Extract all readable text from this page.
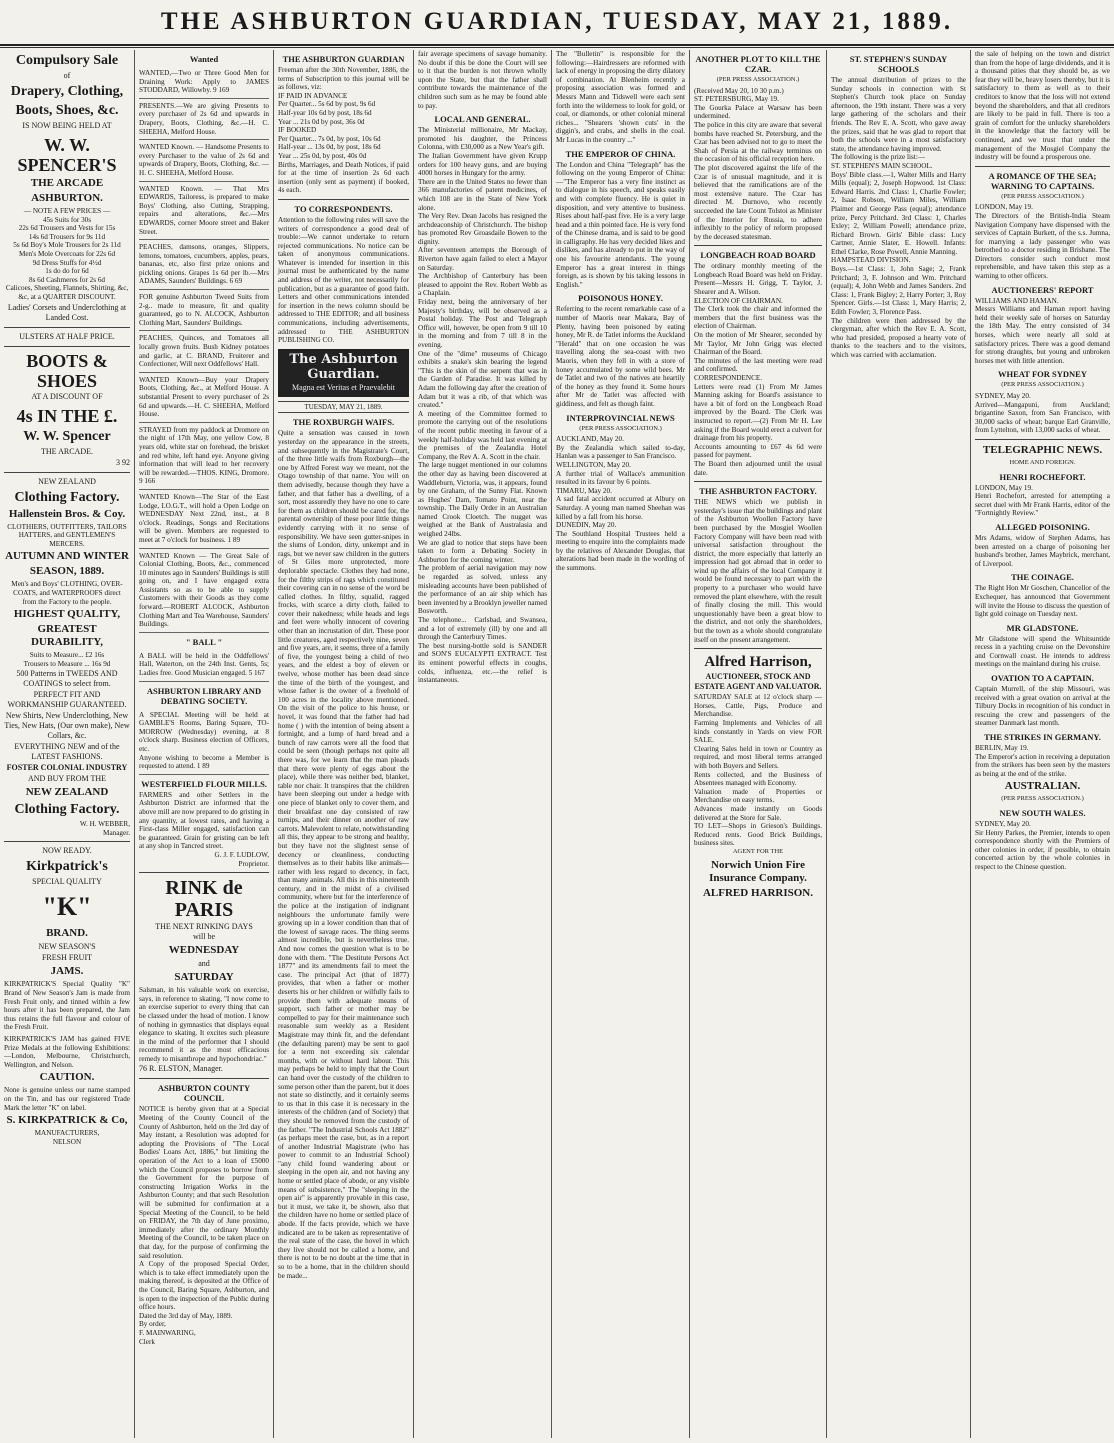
THE ASHBURTON GUARDIAN, TUESDAY, MAY 21, 1889.
Compulsory Sale
of
Drapery, Clothing,
Boots, Shoes, &c.
IS NOW BEING HELD AT
W. W. SPENCER'S
THE ARCADE
ASHBURTON.
— NOTE A FEW PRICES —
45s Suits for 30s
22s 6d Trousers and Vests for 15s
14s 6d Trousers for 9s 11d
5s 6d Boy's Mole Trousers for 2s 11d
Men's Mole Overcoats for 22s 6d
9d Dress Stuffs for 4½d
1s do do for 6d
8s 6d Cashmeres for 2s 6d
Calicoes, Sheeting, Flannels, Shirting, &c, &c, at a QUARTER DISCOUNT.
Ladies' Corsets and Underclothing at Landed Cost.
ULSTERS AT HALF PRICE.
BOOTS & SHOES
AT A DISCOUNT OF
4s IN THE £.
W. W. Spencer
THE ARCADE.
3 92
NEW ZEALAND
Clothing Factory.
Hallenstein Bros. & Coy.
CLOTHIERS, OUTFITTERS, TAILORS
HATTERS, and GENTLEMEN'S
MERCERS.
AUTUMN AND WINTER
SEASON, 1889.
Men's and Boys' CLOTHING, OVER-
COATS, and WATERPROOFS direct
from the Factory to the people.
HIGHEST QUALITY,
GREATEST DURABILITY,
Suits to Measure... £2 16s
Trousers to Measure ... 16s 9d
500 Patterns in TWEEDS AND COATINGS to select from.
PERFECT FIT AND WORKMANSHIP GUARANTEED.
New Shirts, New Underclothing, New Ties, New Hats, (Our own make), New Collars, &c.
EVERYTHING NEW and of the LATEST FASHIONS.
FOSTER COLONIAL INDUSTRY
AND BUY FROM THE
NEW ZEALAND
Clothing Factory.
W. H. WEBBER,
Manager.
NOW READY.
Kirkpatrick's
SPECIAL QUALITY
"K"
BRAND.
NEW SEASON'S
FRESH FRUIT
JAMS.
KIRKPATRICK'S Special Quality "K" Brand of New Season's Jam is made from Fresh Fruit only, and tinned within a few hours after it has been prepared, the Jam thus retains the full flavour and colour of the Fresh Fruit.
KIRKPATRICK'S JAM has gained FIVE Prize Medals at the following Exhibitions:—London, Melbourne, Christchurch, Wellington, and Nelson.
CAUTION.
None is genuine unless our name stamped on the Tin, and has our registered Trade Mark the letter "K" on label.
S. KIRKPATRICK & Co,
MANUFACTURERS,
NELSON
Wanted
WANTED,—Two or Three Good Men for Draining Work: Apply to JAMES STODDARD, Willowby. 9 169
PRESENTS.—We are giving Presents to every purchaser of 2s 6d and upwards in Drapery, Boots, Clothing, &c.—H. C. SHEEHA, Melford House.
WANTED Known. — Handsome Presents to every Purchaser to the value of 2s 6d and upwards of Drapery, Boots, Clothing, &c. — H. C. SHEEHA, Melford House.
WANTED Known. — That Mrs EDWARDS, Tailoress, is prepared to make Boys' Clothing, also Cutting, Strapping, repairs and alterations, &c.—Mrs EDWARDS, corner Moore street and Baker Street.
PEACHES, damsons, oranges, Slippers, lemons, tomatoes, cucumbers, apples, pears, bananas, etc, also first prize onions and pickling onions. Grapes 1s 6d per lb.—Mrs ADAMS, Saunders' Buildings. 6 69
FOR genuine Ashburton Tweed Suits from 2-g.. made to measure, fit and quality guaranteed, go to N. ALCOCK, Ashburton Clothing Mart, Saunders' Buildings.
PEACHES, Quinces, and Tomatoes all locally grown fruits. Bush Kidney potatoes and garlic, at C. BRAND, Fruiterer and Confectioner, Will next Oddfellows' Hall.
WANTED Known—Buy your Drapery Boots, Clothing, &c., at Melford House. A substantial Present to every purchaser of 2s 6d and upwards.—H. C. SHEEHA, Melford House.
STRAYED from my paddock at Dromore on the night of 17th May, one yellow Cow, 8 years old, white star on forehead, the brisket and red white, left hand eye. Anyone giving information that will lead to her recovery will be rewarded.—THOS. KING, Dromore. 9 166
WANTED Known—The Star of the East Lodge, I.O.G.T., will hold a Open Lodge on WEDNESDAY Next 22nd, inst., at 8 o'clock. Readings, Songs and Recitations will be given. Members are requested to meet at 7 o'clock for business. 1 89
WANTED Known — The Great Sale of Colonial Clothing, Boots, &c., commenced 10 minutes ago in Saunders' Buildings is still going on, and I have engaged extra Assistants so as to be able to supply Customers with their Goods as they come forward.—ROBERT ALCOCK, Ashburton Clothing Mart and Tea Warehouse, Saunders' Buildings.
" BALL "
A BALL will be held in the Oddfellows' Hall, Waterton, on the 24th Inst. Gents, 5s; Ladies free. Good Musician engaged. 5 167
ASHBURTON LIBRARY AND DEBATING SOCIETY.
A SPECIAL Meeting will be held at GAMBLE'S Rooms, Baring Square, TO-MORROW (Wednesday) evening, at 8 o'clock sharp. Business election of Officers, etc.
Anyone wishing to become a Member is requested to attend. 1 89
WESTERFIELD FLOUR MILLS.
FARMERS and other Settlers in the Ashburton District are informed that the above mill are now prepared to do gristing in any quantity, at lowest rates, and having a First-class Miller engaged, satisfaction can be guaranteed. Grain for gristing can be left at any shop in Tancred street.
G. J. F. LUDLOW,
Proprietor.
RINK de PARIS
THE NEXT RINKING DAYS
will be
WEDNESDAY
and
SATURDAY
Salsman, in his valuable work on exercise, says, in reference to skating, "I now come to an exercise superior to every thing that can be classed under the head of motion. I know of nothing in gymnastics that displays equal elegance to skating. It excites such pleasure in the mind of the performer that I should recommend it as the most efficacious remedy to misanthrope and hypochondriac."
76 R. ELSTON, Manager.
ASHBURTON COUNTY COUNCIL
NOTICE is hereby given that at a Special Meeting of the County Council of the County of Ashburton, held on the 3rd day of May instant, a Resolution was adopted for adopting the Provisions of "The Local Bodies' Loans Act, 1886," but limiting the operation of the Act to a loan of £5000 which the Council proposes to borrow from the Government for the purpose of constructing Irrigation Works in the Ashburton County; and that such Resolution will be submitted for confirmation at a Special Meeting of the Council, to be held on FRIDAY, the 7th day of June proximo, immediately after the ordinary Monthly Meeting of the Council, to be taken place on that day, for the purpose of confirming the said resolution.
A Copy of the proposed Special Order, which is to take effect immediately upon the making thereof, is deposited at the Office of the Council, Baring Square, Ashburton, and is open to the inspection of the Public during office hours.
Dated the 3rd day of May, 1889.
By order,
F. MAINWARING,
Clerk
THE ASHBURTON GUARDIAN
Freeman after the 30th November, 1886, the terms of Subscription to this journal will be as follows, viz:
IF PAID IN ADVANCE
Per Quarter... 5s 6d by post, 9s 6d
Half-year 10s 6d by post, 18s 6d
Year ... 21s 0d by post, 36s 0d
IF BOOKED
Per Quarter... 7s 0d, by post, 10s 6d
Half-year ... 13s 0d, by post, 18s 6d
Year ... 25s 0d, by post, 40s 0d
Births, Marriages, and Death Notices, if paid for at the time of insertion 2s 6d each insertion (only sent as payment) if booked, 4s each.
TO CORRESPONDENTS.
Attention to the following rules will save the writers of correspondence a good deal of trouble:—We cannot undertake to return rejected communications. No notice can be taken of anonymous communications. Whatever is intended for insertion in this journal must be authenticated by the name and address of the writer, not necessarily for publication, but as a guarantee of good faith. Letters and other communications intended for insertion in the news column should be addressed to THE EDITOR; and all business communications, including advertisements, addressed to THE ASHBURTON PUBLISHING CO.
The Ashburton Guardian.
Magna est Veritas et Praevalebit
TUESDAY, MAY 21, 1889.
THE ROXBURGH WAIFS.
Quite a sensation was caused in town yesterday on the appearance in the streets, and subsequently in the Magistrate's Court, of the three little waifs from Roxburgh—the one by Alfred Forest way we meant, not the Otago township of that name. You will on them advisedly, because though they have a father, and that father has a dwelling, of a sort, most assuredly they have no one to care for them as children should be cared for, the parental ownership of these poor little things evidently carrying with it no sense of responsibility. We have seen gutter-snipes in the slums of London, dirty, unkempt and in rags, but we never saw children in the gutters of St Giles more unprotected, more deplorable spectacle. Clothes they had none, for the filthy strips of rags which constituted their covering can in no sense of the word be called clothes. In filthy, squalid, ragged frocks, with scarce a dirty cloth, failed to cover their nakedness; while heads and legs and feet were wholly innocent of covering other than an incrustation of dirt. These poor little creatures, aged respectively nine, seven and five years, are, it seems, three of a family of five, the youngest being a child of two years, and the eldest a boy of eleven or twelve, whose mother has been dead since the time of the birth of the youngest, and whose father is the owner of a freehold of 100 acres in the locality above mentioned. On the visit of the police to his house, or hovel, it was found that the father had had home ( ) with the intention of being absent a fortnight, and a lump of hard bread and a bunch of raw carrots were all the food that could be seen (though perhaps not quite all there was, for we learn that the man pleads that there were plenty of eggs about the place), while there was neither bed, blanket, table nor chair. It transpires that the children have been sleeping out under a hedge with one piece of blanket only to cover them, and their breakfast one day consisted of raw turnips, and their dinner on another of raw carrots. Malevolent to relate, notwithstanding all this, they appear to be strong and healthy, but they have not the slightest sense of decency or cleanliness, conducting themselves as to their habits like animals—rather with less regard to decency, in fact, than many animals. All this in this nineteenth century, and in the midst of a civilised community, where but for the interference of the police at the instigation of indignant neighbours the unfortunate family were growing up in a lower condition than that of the lowest of savage races. The thing seems almost incredible, but is nevertheless true. And now comes the question what is to be done with them. "The Destitute Persons Act 1877" and its amendments fail to meet the case. The principal Act (that of 1877) provides, that when a father or mother deserts his or her children or wilfully fails to provide them with adequate means of support, such father or mother may be compelled to pay for their maintenance such reasonable sum weekly as a Resident Magistrate may think fit, and the defendant (the defaulting parent) may be sent to gaol for a term not exceeding six calendar months, with or without hard labour. This may perhaps be held to imply that the Court can hand over the custody of the children to some person other than the parent, but it does not state so distinctly, and it certainly seems to us that in this case it is necessary in the interests of the children (and of Society) that they should be removed from the custody of the father. "The Industrial Schools Act 1882" (as perhaps meet the case, but, as in a report of another Industrial Magistrate (who has power to commit to an Industrial School) "any child found wandering about or sleeping in the open air, and not having any home or settled place of abode, or any visible means of subsistence," The "sleeping in the open air" is apparently provable in this case, but it must, we take it, be shown, also that the children have no home or settled place of abode. If the facts provide, which we have indicated are to be taken as representative of the real state of the case, the hovel in which they live should not be called a home, and there is not to be no doubt at the time that in so to be a home, that in the children should be made...
fair average specimens of savage humanity. No doubt if this be done the Court will see to it that the burden is not thrown wholly upon the State, but that the father shall contribute towards the maintenance of the children such sum as he may be found able to pay.
LOCAL AND GENERAL.
The Ministerial millionaire, Mr Mackay, promoted his daughter, the Princess Colonna, with £30,000 as a New Year's gift.
The Italian Government have given Krupp orders for 100 heavy guns, and are buying 4000 horses in Hungary for the army.
There are in the United States no fewer than 366 manufactories of patent medicines, of which 108 are in the State of New York alone.
The Very Rev. Dean Jacobs has resigned the archdeaconship of Christchurch. The bishop has promoted Rev Groasdaile Bowen to the dignity.
After seventeen attempts the Borough of Riverton have again failed to elect a Mayor on Saturday.
The Archbishop of Canterbury has been pleased to appoint the Rev. Robert Webb as a Chaplain.
Friday next, being the anniversary of her Majesty's birthday, will be observed as a Postal holiday. The Post and Telegraph Office will, however, be open from 9 till 10 in the morning and from 7 till 8 in the evening.
One of the "dime" museums of Chicago exhibits a snake's skin bearing the legend "This is the skin of the serpent that was in the Garden of Paradise. It was killed by Adam the following day after the creation of Adam but it was a rib, of that which was created."
A meeting of the Committee formed to promote the carrying out of the resolutions of the recent public meeting in favour of a weekly half-holiday was held last evening at the premises of the Zealandia Hotel Company, the Rev A. A. Scott in the chair.
The large nugget mentioned in our columns the other day as having been discovered at Waddleburn, Victoria, was, it appears, found by one Graham, of the Sunny Flat. Known as Hughes' Dam, Tomato Point, near the township. The Daily Order in an Australian named Crook Cloetch. The nugget was weighed at the Bank of Australasia and weighed 24lbs.
We are glad to notice that steps have been taken to form a Debating Society in Ashburton for the coming winter.
The problem of aerial navigation may now be regarded as solved, unless any misleading accounts have been published of the performance of an air ship which has been invented by a Brooklyn jeweller named Bosworth.
The telephone...  Carlsbad, and Swansea, and a lot of extremely (ill) by one and all through the Canterbury Times.
The best nursing-bottle sold is SANDER and SON'S EUCALYPTI EXTRACT. Test its eminent powerful effects in coughs, colds, influenza, etc.—the relief is instantaneous.
The "Bulletin" is responsible for the following:—Hairdressers are reformed with lack of energy in proposing the dirty dilatory of combination. At Blenheim recently a proposing association was formed and Messrs Mann and Tidswell were each sent forth into the wilderness to look for gold, or coal, or diamonds, or other colonial mineral riches... "Shearers 'shown cuts' in the diggin's, and crabs, and shells in the coal. Mr Lucas in the country ..."
THE EMPEROR OF CHINA.
The London and China "Telegraph" has the following on the young Emperor of China:—"The Emperor has a very fine instinct as to dialogue in his speech, and speaks easily and with complete fluency. He is quiet in disposition, and very attentive to business. Rises about half-past five. He is a very large head and a thin pointed face. He is very fond of the Chinese drama, and is said to be good in calligraphy. He has very decided likes and dislikes, and has already to put in the way of one his favourite attendants. The young Emperor has a great interest in things foreign, as is shown by his taking lessons in English."
POISONOUS HONEY.
Referring to the recent remarkable case of a number of Maoris near Makara, Bay of Plenty, having been poisoned by eating honey, Mr R. de Tatlet informs the Auckland "Herald" that on one occasion he was travelling along the sea-coast with two Maoris, when they fell in with a store of honey accumulated by some wild bees. Mr de Tatlet and two of the natives ate heartily of the honey as they found it. Some hours after Mr de Tatlet was affected with giddiness, and felt as though faint.
INTERPROVINCIAL NEWS
(PER PRESS ASSOCIATION.)
AUCKLAND, May 20.
By the Zealandia which sailed to-day, Hanlan was a passenger to San Francisco.
WELLINGTON, May 20.
A further trial of Wallace's ammunition resulted in its favour by 6 points.
TIMARU, May 20.
A sad fatal accident occurred at Albury on Saturday. A young man named Sheehan was killed by a fall from his horse.
DUNEDIN, May 20.
The Southland Hospital Trustees held a meeting to enquire into the complaints made by the relatives of Alexander Douglas, that alterations had been made in the wording of the summons.
ANOTHER PLOT TO KILL THE CZAR.
(PER PRESS ASSOCIATION.)
(Received May 20, 10 30 p.m.)
ST. PETERSBURG, May 19.
The Gourka Palace at Warsaw has been undermined.
The police in this city are aware that several bombs have reached St. Petersburg, and the Czar has been advised not to go to meet the Shah of Persia at the railway terminus on the occasion of his official reception here.
The plot discovered against the life of the Czar is of unusual magnitude, and it is believed that the ramifications are of the most extensive nature. The Czar has directed M. Durnovo, who recently succeeded the late Count Tolstoi as Minister of the Interior for Russia, to adhere inflexibly to the policy of reform proposed by the deceased statesman.
LONGBEACH ROAD BOARD
The ordinary monthly meeting of the Longbeach Road Board was held on Friday. Present—Messrs H. Grigg, T. Taylor, J. Shearer and A. Wilson.
ELECTION OF CHAIRMAN.
The Clerk took the chair and informed the members that the first business was the election of Chairman.
On the motion of Mr Shearer, seconded by Mr Taylor, Mr John Grigg was elected Chairman of the Board.
The minutes of the last meeting were read and confirmed.
CORRESPONDENCE.
Letters were read (1) From Mr James Manning asking for Board's assistance to have a bit of ford on the Longbeach Road improved by the Board. The Clerk was instructed to report.—(2) From Mr H. Lee asking if the Board would erect a culvert for drainage from his property.
Accounts amounting to £67 4s 6d were passed for payment.
The Board then adjourned until the usual date.
THE ASHBURTON FACTORY.
THE NEWS which we publish in yesterday's issue that the buildings and plant of the Ashburton Woollen Factory have been purchased by the Mosgiel Woollen Factory Company will have been read with universal satisfaction throughout the district, the more especially that latterly an impression had got abroad that in order to wind up the affairs of the local Company it would be found necessary to part with the property to a purchaser who would have removed the plant elsewhere, with the result of finally closing the mill. This would unquestionably have been a great blow to the district, and not only the shareholders, but the town as a whole should congratulate itself on the present arrangement.
Alfred Harrison,
AUCTIONEER, STOCK AND ESTATE AGENT AND VALUATOR.
SATURDAY SALE at 12 o'clock sharp —Horses, Cattle, Pigs, Produce and Merchandise.
Farming Implements and Vehicles of all kinds constantly in Yards on view FOR SALE.
Clearing Sales held in town or Country as required, and most liberal terms arranged with both Buyers and Sellers.
Rents collected, and the Business of Absentees managed with Economy.
Valuation made of Properties or Merchandise on easy terms.
Advances made instantly on Goods delivered at the Store for Sale.
TO LET—Shops in Grieson's Buildings. Reduced rents. Good Brick Buildings, business sites.
AGENT FOR THE
Norwich Union Fire Insurance Company.
ALFRED HARRISON.
ST. STEPHEN'S SUNDAY SCHOOLS
The annual distribution of prizes to the Sunday schools in connection with St Stephen's Church took place on Sunday afternoon, the 19th instant. There was a very large gathering of the scholars and their friends. The Rev E. A. Scott, who gave away the prizes, said that he was glad to report that both the schools were in a most satisfactory state, the attendance having improved.
The following is the prize list:—
ST. STEPHEN'S MAIN SCHOOL.
Boys' Bible class.—1, Walter Mills and Harry Mills (equal); 2, Joseph Hopwood. 1st Class: Edward Harris. 2nd Class: 1, Charlie Fowler; 2, Isaac Robson, William Miles, William Plaimer and George Pass (equal); attendance prize, Percy Pritchard. 3rd Class: 1, Charles Exley; 2, William Powell; attendance prize, Richard Brown. Girls' Bible class: Lucy Cartner, Annie Slater, E. Howell. Infants: Ethel Clarke, Rose Powell, Annie Manning.
HAMPSTEAD DIVISION.
Boys.—1st Class: 1, John Sage; 2, Frank Pritchard; 3, F. Johnson and Wm. Pritchard (equal); 4, John Webb and James Sanders. 2nd Class: 1, Frank Bigley; 2, Harry Porter; 3, Roy Spencer. Girls.—1st Class: 1, Mary Harris; 2, Edith Fowler; 3, Florence Pass.
The children were then addressed by the clergyman, after which the Rev E. A. Scott, who had presided, proposed a hearty vote of thanks to the teachers and to the visitors, which was carried with acclamation.
the sale of helping on the town and district than from the hope of large dividends, and it is a thousand pities that they should be, as we fear they will be, heavy losers thereby, but it is satisfactory to them as well as to their creditors to know that the loss will not extend beyond the shareholders, and that all creditors are likely to be paid in full. There is too a grain of comfort for the unlucky shareholders in the knowledge that the factory will be continued, and we trust that under the management of the Mosgiel Company the industry will be found a prosperous one.
A ROMANCE OF THE SEA; WARNING TO CAPTAINS.
(PER PRESS ASSOCIATION.)
LONDON, May 19.
The Directors of the British-India Steam Navigation Company have dispensed with the services of Captain Burkett, of the s.s. Jumna, for marrying a lady passenger who was betrothed to a doctor residing in Brisbane. The Directors consider such conduct most reprehensible, and have taken this step as a warning to other officers.
AUCTIONEERS' REPORT
WILLIAMS AND HAMAN.
Messrs Williams and Haman report having held their weekly sale of horses on Saturday the 18th May. The entry consisted of 34 horses, which were nearly all sold at satisfactory prices. There was a good demand for strong draughts, but young and unbroken horses met with little attention.
WHEAT FOR SYDNEY
(PER PRESS ASSOCIATION.)
SYDNEY, May 20.
Arrived—Mangapuni, from Auckland; brigantine Saxon, from San Francisco, with 30,000 sacks of wheat; barque Earl Granville, from Lyttelton, with 13,000 sacks of wheat.
TELEGRAPHIC NEWS.
HOME AND FOREIGN.
HENRI ROCHEFORT.
LONDON, May 19.
Henri Rochefort, arrested for attempting a secret duel with Mr Frank Harris, editor of the "Fortnightly Review."
ALLEGED POISONING.
Mrs Adams, widow of Stephen Adams, has been arrested on a charge of poisoning her husband's brother, James Maybrick, merchant, of Liverpool.
THE COINAGE.
The Right Hon Mr Goschen, Chancellor of the Exchequer, has announced that Government will invite the House to discuss the question of light gold coinage on Tuesday next.
MR GLADSTONE.
Mr Gladstone will spend the Whitsuntide recess in a yachting cruise on the Devonshire and Cornwall coast. He intends to address meetings on the mainland during his cruise.
OVATION TO A CAPTAIN.
Captain Murrell, of the ship Missouri, was received with a great ovation on arrival at the Tilbury Docks in recognition of his conduct in rescuing the crew and passengers of the steamer Danmark last month.
THE STRIKES IN GERMANY.
BERLIN, May 19.
The Emperor's action in receiving a deputation from the strikers has been seen by the masters as being at the end of the strike.
AUSTRALIAN.
(PER PRESS ASSOCIATION.)
NEW SOUTH WALES.
SYDNEY, May 20.
Sir Henry Parkes, the Premier, intends to open correspondence shortly with the Premiers of other colonies in order, if possible, to obtain concerted action by the whole colonies in respect to the Chinese question.
